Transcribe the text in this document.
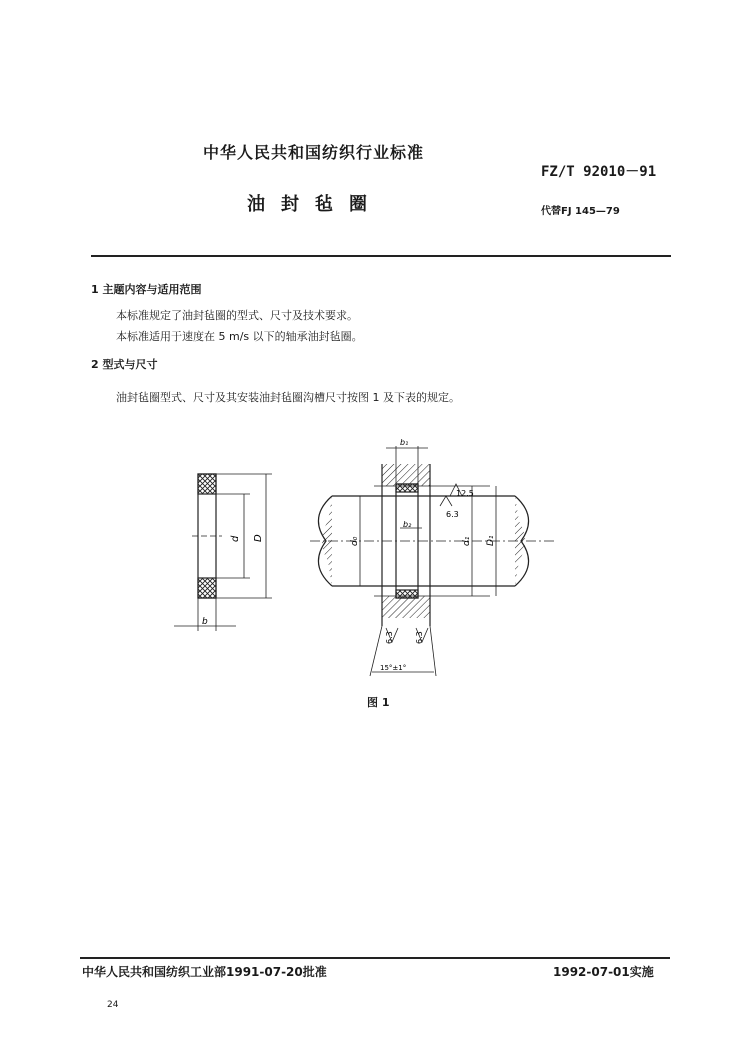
中华人民共和国纺织行业标准
FZ/T 92010－91
油封毡圈	代替FJ 145—79
1 主题内容与适用范围
本标准规定了油封毡圈的型式、尺寸及技术要求。
本标准适用于速度在 5 m/s 以下的轴承油封毡圈。
2 型式与尺寸
油封毡圈型式、尺寸及其安装油封毡圈沟槽尺寸按图 1 及下表的规定。
d D
b
b₁
b₂
d₀	d₁ D₁
12.5
6.3
6.3	6.3
15°±1°
图 1
中华人民共和国纺织工业部1991-07-20批准	1992-07-01实施
24
